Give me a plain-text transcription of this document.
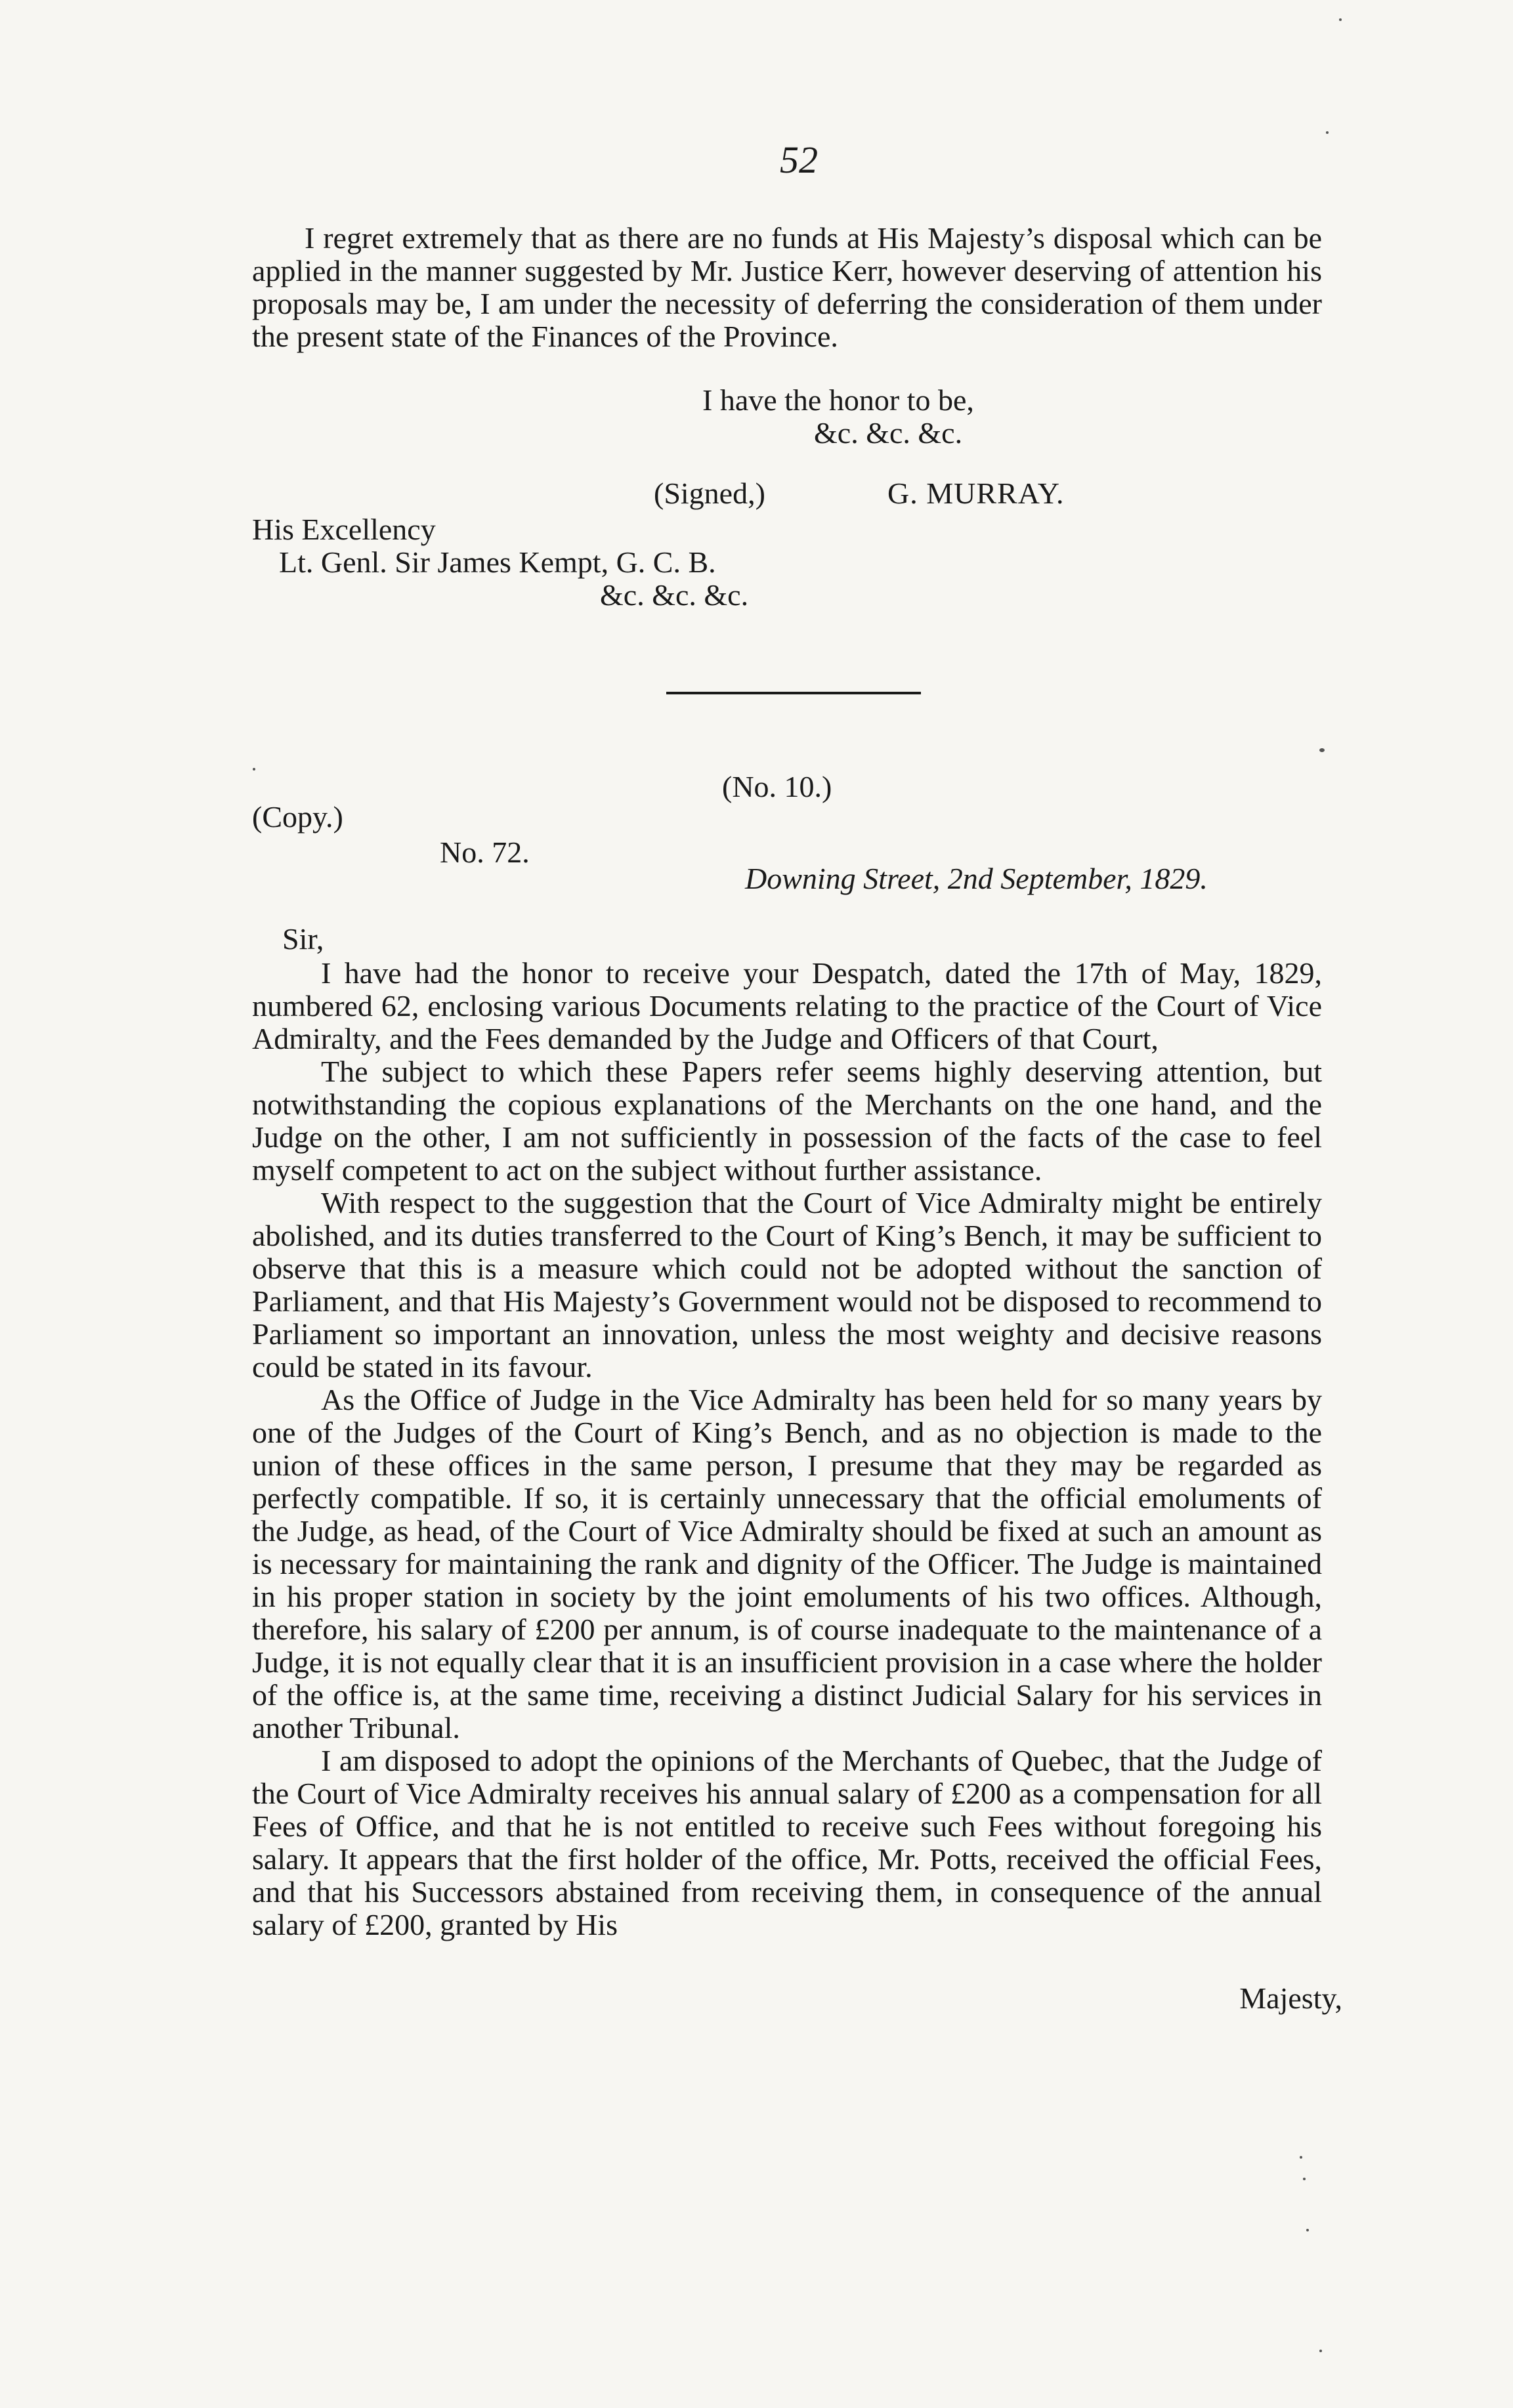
52
I regret extremely that as there are no funds at His Majesty’s disposal which can be applied in the manner suggested by Mr. Justice Kerr, however deserving of attention his proposals may be, I am under the necessity of deferring the consideration of them under the present state of the Finances of the Province.
I have the honor to be,
&c. &c. &c.
(Signed,)	G. MURRAY.
His Excellency
Lt. Genl. Sir James Kempt, G. C. B.
&c. &c. &c.
(No. 10.)
(Copy.)
No. 72.
Downing Street, 2nd September, 1829.
Sir,

I have had the honor to receive your Despatch, dated the 17th of May, 1829, numbered 62, enclosing various Documents relating to the practice of the Court of Vice Admiralty, and the Fees demanded by the Judge and Officers of that Court,

The subject to which these Papers refer seems highly deserving attention, but notwithstanding the copious explanations of the Merchants on the one hand, and the Judge on the other, I am not sufficiently in possession of the facts of the case to feel myself competent to act on the subject without further assistance.

With respect to the suggestion that the Court of Vice Admiralty might be entirely abolished, and its duties transferred to the Court of King’s Bench, it may be sufficient to observe that this is a measure which could not be adopted without the sanction of Parliament, and that His Majesty’s Government would not be disposed to recommend to Parliament so important an innovation, unless the most weighty and decisive reasons could be stated in its favour.

As the Office of Judge in the Vice Admiralty has been held for so many years by one of the Judges of the Court of King’s Bench, and as no objection is made to the union of these offices in the same person, I presume that they may be regarded as perfectly compatible. If so, it is certainly unnecessary that the official emoluments of the Judge, as head, of the Court of Vice Admiralty should be fixed at such an amount as is necessary for maintaining the rank and dignity of the Officer. The Judge is maintained in his proper station in society by the joint emoluments of his two offices. Although, therefore, his salary of £200 per annum, is of course inadequate to the maintenance of a Judge, it is not equally clear that it is an insufficient provision in a case where the holder of the office is, at the same time, receiving a distinct Judicial Salary for his services in another Tribunal.

I am disposed to adopt the opinions of the Merchants of Quebec, that the Judge of the Court of Vice Admiralty receives his annual salary of £200 as a compensation for all Fees of Office, and that he is not entitled to receive such Fees without foregoing his salary. It appears that the first holder of the office, Mr. Potts, received the official Fees, and that his Successors abstained from receiving them, in consequence of the annual salary of £200, granted by His

Majesty,
